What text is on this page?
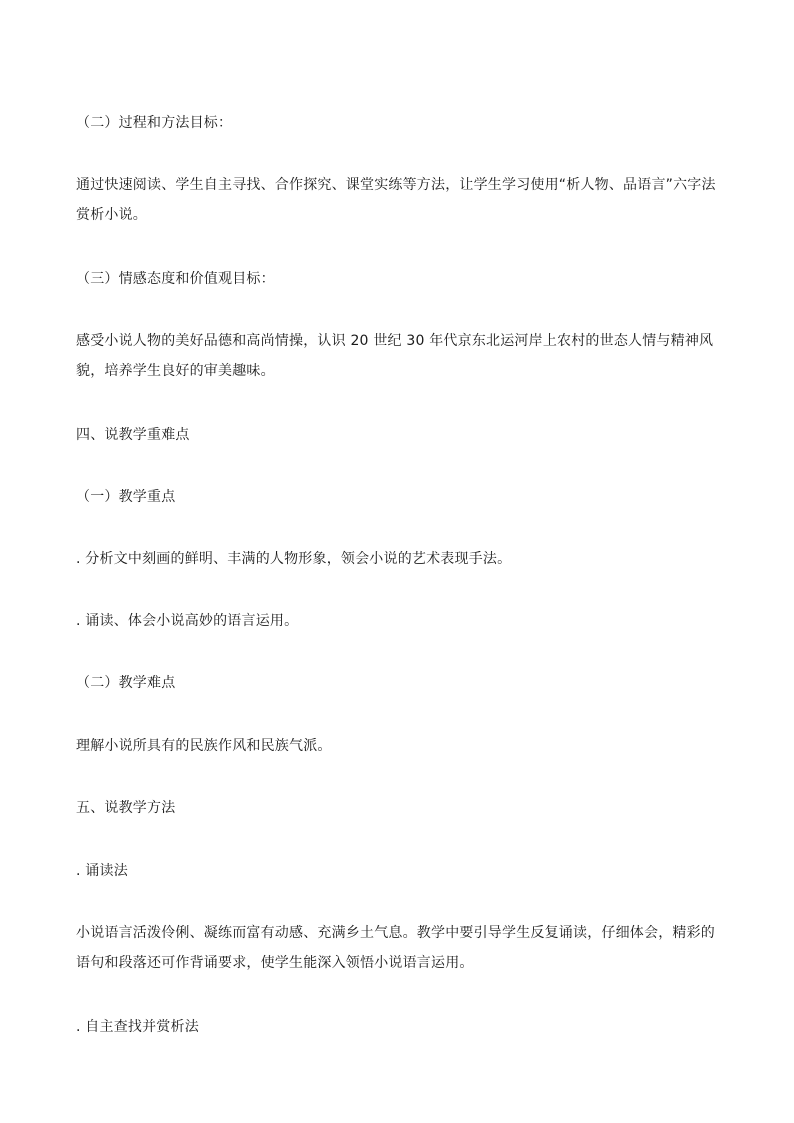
（二）过程和方法目标：

通过快速阅读、学生自主寻找、合作探究、课堂实练等方法，让学生学习使用“析人物、品语言”六字法赏析小说。

（三）情感态度和价值观目标：

感受小说人物的美好品德和高尚情操，认识 20 世纪 30 年代京东北运河岸上农村的世态人情与精神风貌，培养学生良好的审美趣味。

四、说教学重难点

（一）教学重点

. 分析文中刻画的鲜明、丰满的人物形象，领会小说的艺术表现手法。

. 诵读、体会小说高妙的语言运用。

（二）教学难点

理解小说所具有的民族作风和民族气派。

五、说教学方法

. 诵读法

小说语言活泼伶俐、凝练而富有动感、充满乡土气息。教学中要引导学生反复诵读，仔细体会，精彩的语句和段落还可作背诵要求，使学生能深入领悟小说语言运用。

. 自主查找并赏析法
